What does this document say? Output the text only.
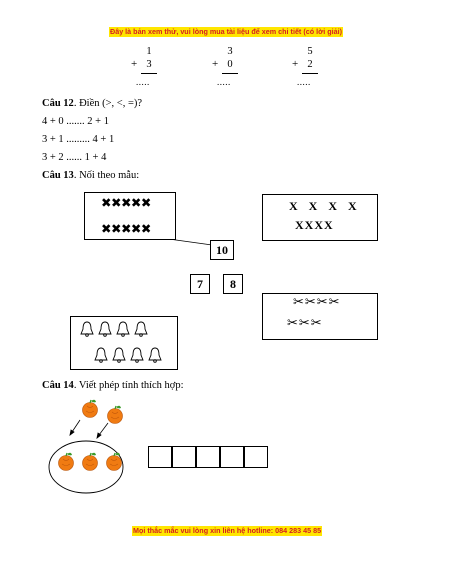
Đây là bản xem thử, vui lòng mua tài liệu để xem chi tiết (có lời giải)
+
1
3
.....
+
3
0
.....
+
5
2
.....
Câu 12. Điền (>, <, =)?
4 + 0 ....... 2 + 1
3 + 1 ......... 4 + 1
3 + 2 ...... 1 + 4
Câu 13. Nối theo mẫu:
✖✖✖✖✖
✖✖✖✖✖
X X X X
XXXX
10
7	8
✂✂✂✂
✂✂✂
Câu 14. Viết phép tính thích hợp:
Mọi thắc mắc vui lòng xin liên hệ hotline: 084 283 45 85
